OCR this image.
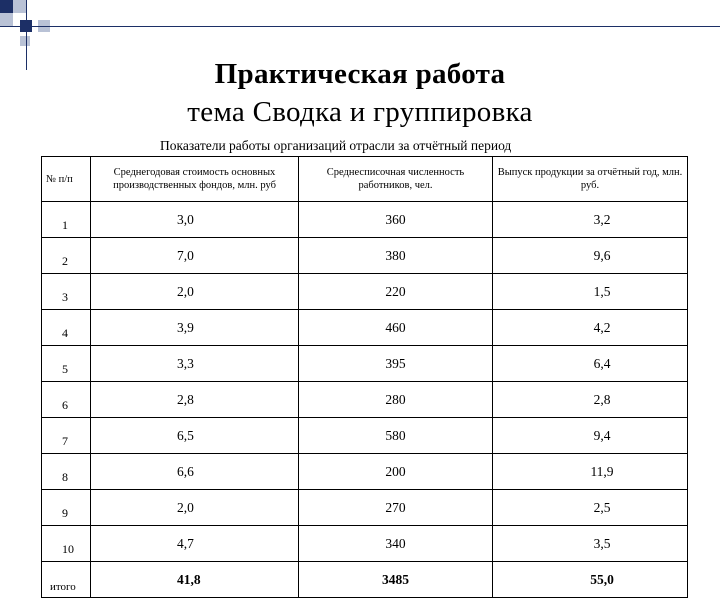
Практическая работа
тема Сводка и группировка
Показатели работы организаций отрасли за отчётный период
№ п/п	Среднегодовая стоимость основных производственных фондов, млн. руб	Среднесписочная численность работников, чел.	Выпуск продукции за отчётный год, млн. руб.
1	3,0	360	3,2
2	7,0	380	9,6
3	2,0	220	1,5
4	3,9	460	4,2
5	3,3	395	6,4
6	2,8	280	2,8
7	6,5	580	9,4
8	6,6	200	11,9
9	2,0	270	2,5
10	4,7	340	3,5
итого	41,8	3485	55,0
